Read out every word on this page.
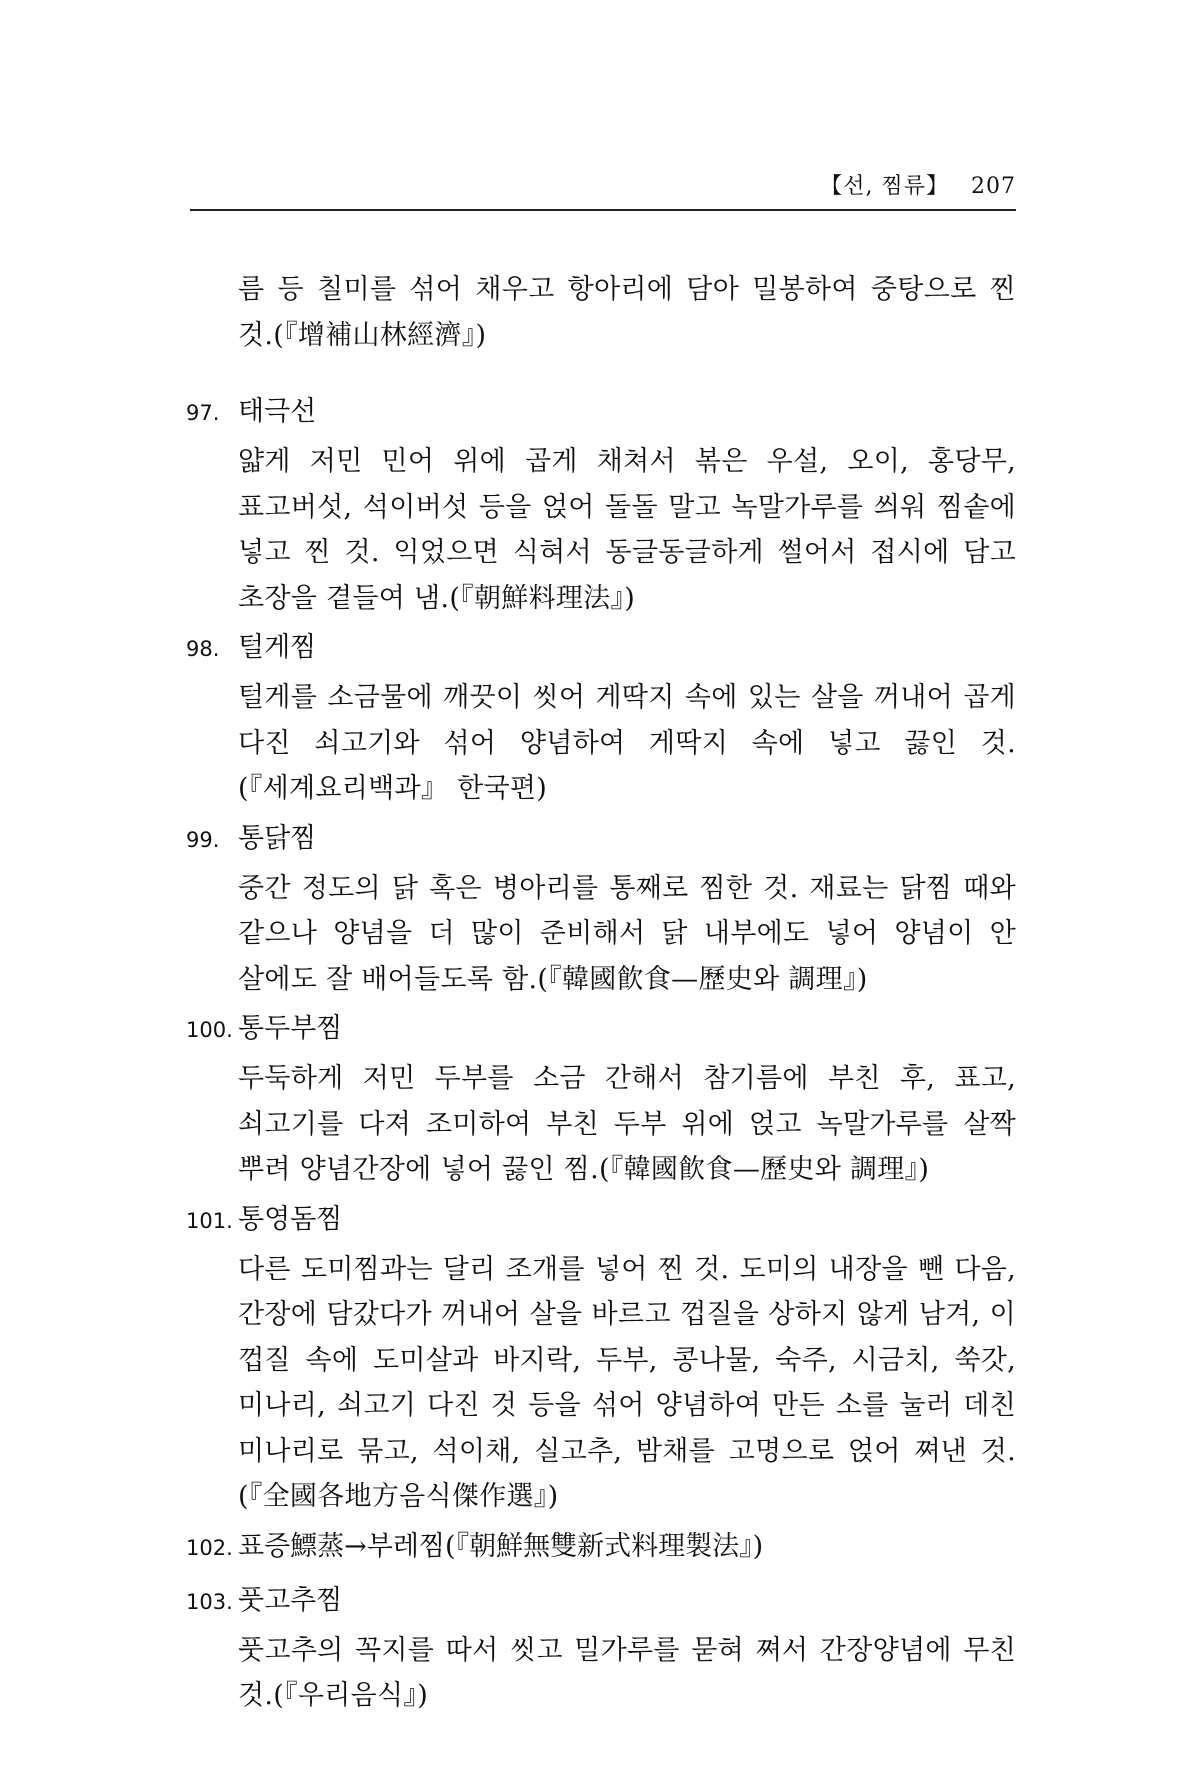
【선, 찜류】 207

름 등 칠미를 섞어 채우고 항아리에 담아 밀봉하여 중탕으로 찐 것.(『增補山林經濟』)

97. 태극선

얇게 저민 민어 위에 곱게 채쳐서 볶은 우설, 오이, 홍당무, 표고버섯, 석이버섯 등을 얹어 돌돌 말고 녹말가루를 씌워 찜솥에 넣고 찐 것. 익었으면 식혀서 동글동글하게 썰어서 접시에 담고 초장을 곁들여 냄.(『朝鮮料理法』)

98. 털게찜

털게를 소금물에 깨끗이 씻어 게딱지 속에 있는 살을 꺼내어 곱게 다진 쇠고기와 섞어 양념하여 게딱지 속에 넣고 끓인 것.(『세계요리백과』 한국편)

99. 통닭찜

중간 정도의 닭 혹은 병아리를 통째로 찜한 것. 재료는 닭찜 때와 같으나 양념을 더 많이 준비해서 닭 내부에도 넣어 양념이 안 살에도 잘 배어들도록 함.(『韓國飮食—歷史와 調理』)

100. 통두부찜

두둑하게 저민 두부를 소금 간해서 참기름에 부친 후, 표고, 쇠고기를 다져 조미하여 부친 두부 위에 얹고 녹말가루를 살짝 뿌려 양념간장에 넣어 끓인 찜.(『韓國飮食—歷史와 調理』)

101. 통영돔찜

다른 도미찜과는 달리 조개를 넣어 찐 것. 도미의 내장을 뺀 다음, 간장에 담갔다가 꺼내어 살을 바르고 껍질을 상하지 않게 남겨, 이 껍질 속에 도미살과 바지락, 두부, 콩나물, 숙주, 시금치, 쑥갓, 미나리, 쇠고기 다진 것 등을 섞어 양념하여 만든 소를 눌러 데친 미나리로 묶고, 석이채, 실고추, 밤채를 고명으로 얹어 쪄낸 것.(『全國各地方음식傑作選』)

102. 표증鰾蒸→부레찜(『朝鮮無雙新式料理製法』)
103. 풋고추찜

풋고추의 꼭지를 따서 씻고 밀가루를 묻혀 쪄서 간장양념에 무친 것.(『우리음식』)
